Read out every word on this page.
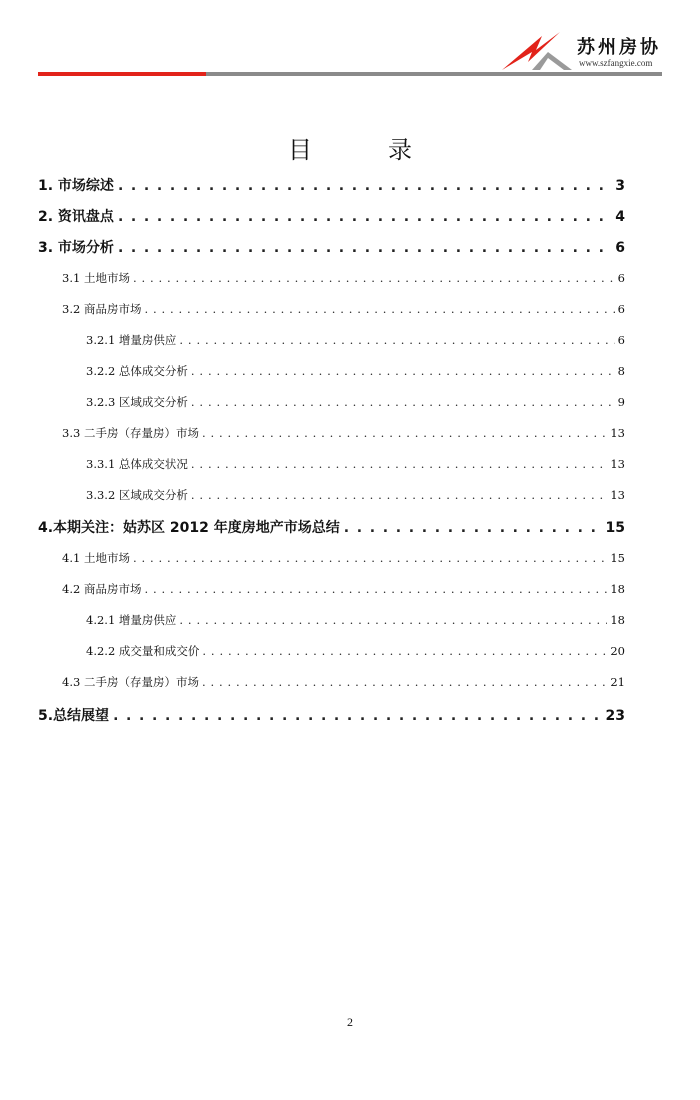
苏州房协
www.szfangxie.com
目	录
1. 市场综述 . . .	3
2. 资讯盘点 . . .	4
3. 市场分析 . . .	6
3.1 土地市场 . . .	6
3.2 商品房市场 . . .	6
3.2.1 增量房供应 . . .	6
3.2.2 总体成交分析 . . .	8
3.2.3 区域成交分析 . . .	9
3.3 二手房（存量房）市场 . . .	13
3.3.1 总体成交状况 . . .	13
3.3.2 区域成交分析 . . .	13
4.本期关注：姑苏区 2012 年度房地产市场总结 . . .	15
4.1 土地市场 . . .	15
4.2 商品房市场 . . .	18
4.2.1 增量房供应 . . .	18
4.2.2 成交量和成交价 . . .	20
4.3 二手房（存量房）市场 . . .	21
5.总结展望 . . .	23
2
